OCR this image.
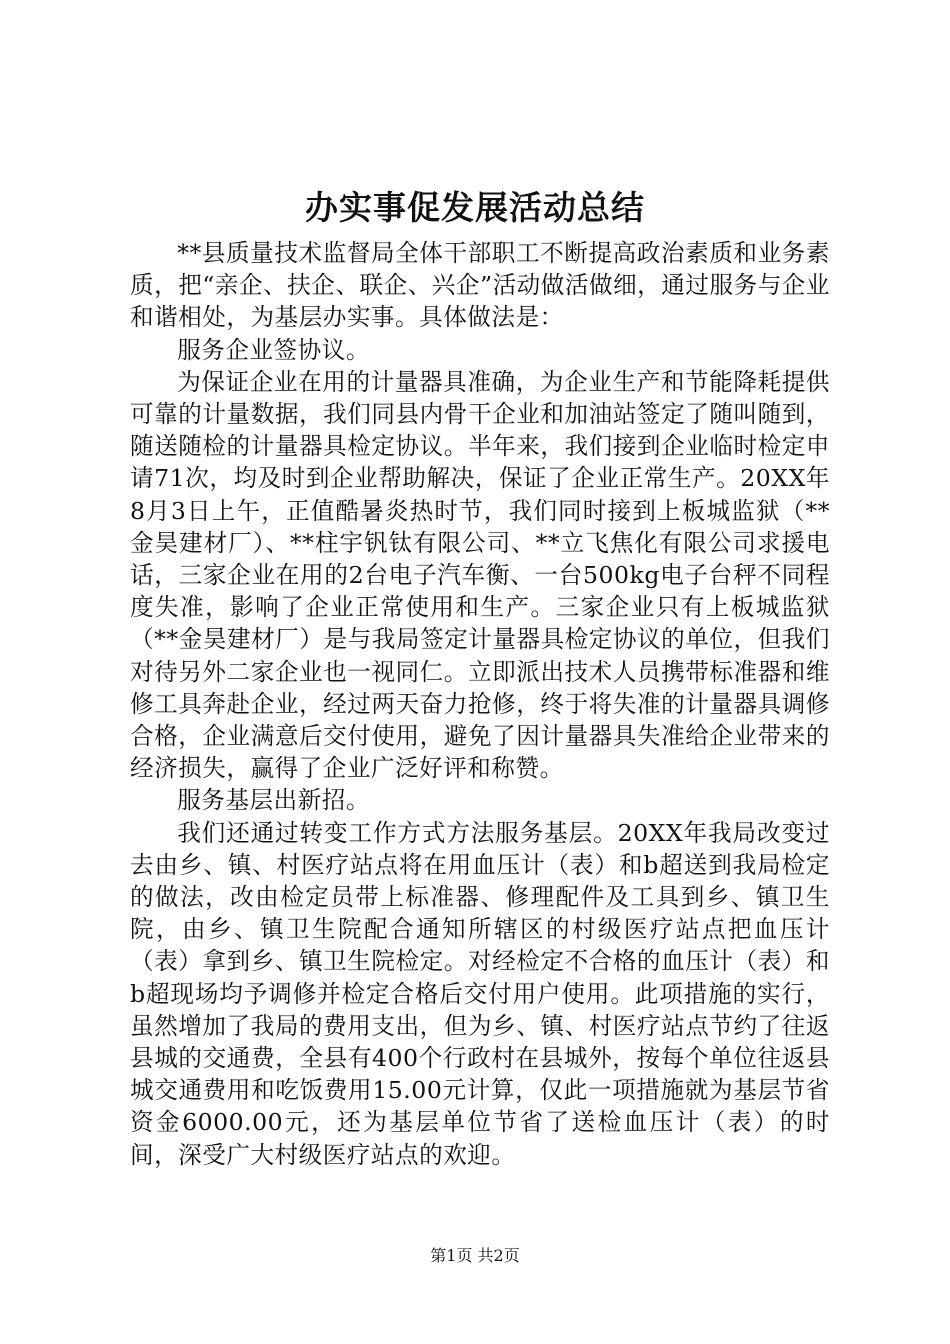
办实事促发展活动总结

**县质量技术监督局全体干部职工不断提高政治素质和业务素质，把“亲企、扶企、联企、兴企”活动做活做细，通过服务与企业和谐相处，为基层办实事。具体做法是：

服务企业签协议。

为保证企业在用的计量器具准确，为企业生产和节能降耗提供可靠的计量数据，我们同县内骨干企业和加油站签定了随叫随到，随送随检的计量器具检定协议。半年来，我们接到企业临时检定申请71次，均及时到企业帮助解决，保证了企业正常生产。20XX年8月3日上午，正值酷暑炎热时节，我们同时接到上板城监狱（**金昊建材厂）、**柱宇钒钛有限公司、**立飞焦化有限公司求援电话，三家企业在用的2台电子汽车衡、一台500kg电子台秤不同程度失准，影响了企业正常使用和生产。三家企业只有上板城监狱（**金昊建材厂）是与我局签定计量器具检定协议的单位，但我们对待另外二家企业也一视同仁。立即派出技术人员携带标准器和维修工具奔赴企业，经过两天奋力抢修，终于将失准的计量器具调修合格，企业满意后交付使用，避免了因计量器具失准给企业带来的经济损失，赢得了企业广泛好评和称赞。

服务基层出新招。

我们还通过转变工作方式方法服务基层。20XX年我局改变过去由乡、镇、村医疗站点将在用血压计（表）和b超送到我局检定的做法，改由检定员带上标准器、修理配件及工具到乡、镇卫生院，由乡、镇卫生院配合通知所辖区的村级医疗站点把血压计（表）拿到乡、镇卫生院检定。对经检定不合格的血压计（表）和b超现场均予调修并检定合格后交付用户使用。此项措施的实行，虽然增加了我局的费用支出，但为乡、镇、村医疗站点节约了往返县城的交通费，全县有400个行政村在县城外，按每个单位往返县城交通费用和吃饭费用15.00元计算，仅此一项措施就为基层节省资金6000.00元，还为基层单位节省了送检血压计（表）的时间，深受广大村级医疗站点的欢迎。

第1页 共2页
